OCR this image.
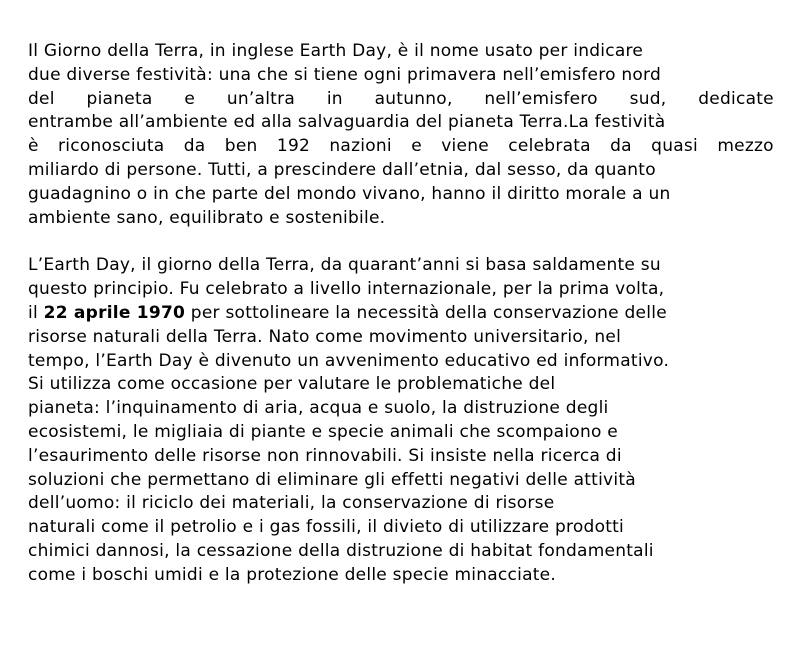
Il Giorno della Terra, in inglese Earth Day, è il nome usato per indicare
due diverse festività: una che si tiene ogni primavera nell’emisfero nord
del pianeta e un’altra in autunno, nell’emisfero sud, dedicate
entrambe all’ambiente ed alla salvaguardia del pianeta Terra.La festività
è riconosciuta da ben 192 nazioni e viene celebrata da quasi mezzo
miliardo di persone. Tutti, a prescindere dall’etnia, dal sesso, da quanto
guadagnino o in che parte del mondo vivano, hanno il diritto morale a un
ambiente sano, equilibrato e sostenibile.
L’Earth Day, il giorno della Terra, da quarant’anni si basa saldamente su
questo principio. Fu celebrato a livello internazionale, per la prima volta,
il 22 aprile 1970 per sottolineare la necessità della conservazione delle
risorse naturali della Terra. Nato come movimento universitario, nel
tempo, l’Earth Day è divenuto un avvenimento educativo ed informativo.
Si utilizza come occasione per valutare le problematiche del
pianeta: l’inquinamento di aria, acqua e suolo, la distruzione degli
ecosistemi, le migliaia di piante e specie animali che scompaiono e
l’esaurimento delle risorse non rinnovabili. Si insiste nella ricerca di
soluzioni che permettano di eliminare gli effetti negativi delle attività
dell’uomo: il riciclo dei materiali, la conservazione di risorse
naturali come il petrolio e i gas fossili, il divieto di utilizzare prodotti
chimici dannosi, la cessazione della distruzione di habitat fondamentali
come i boschi umidi e la protezione delle specie minacciate.
